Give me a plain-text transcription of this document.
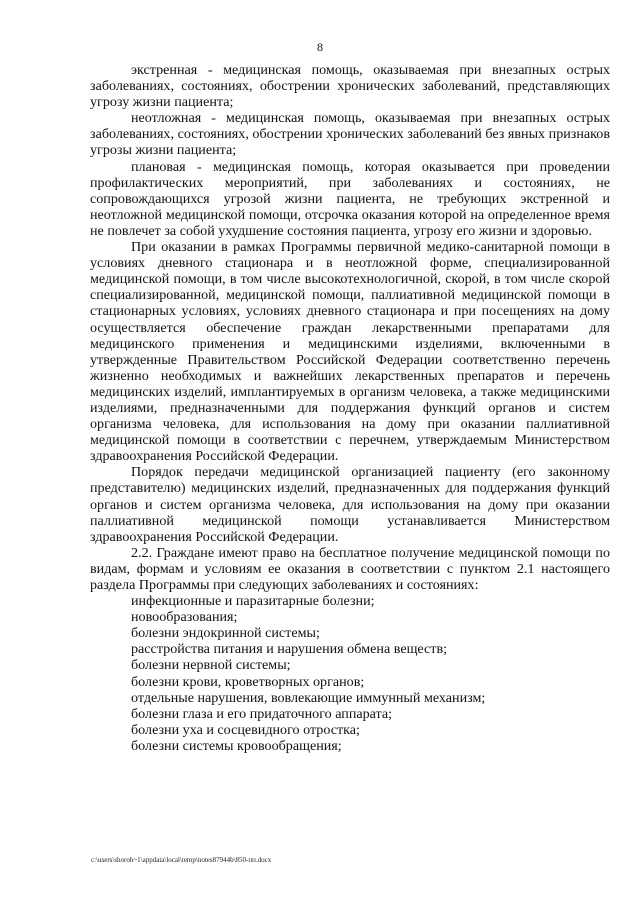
8

экстренная - медицинская помощь, оказываемая при внезапных острых заболеваниях, состояниях, обострении хронических заболеваний, представляющих угрозу жизни пациента;

неотложная - медицинская помощь, оказываемая при внезапных острых заболеваниях, состояниях, обострении хронических заболеваний без явных признаков угрозы жизни пациента;

плановая - медицинская помощь, которая оказывается при проведении профилактических мероприятий, при заболеваниях и состояниях, не сопровождающихся угрозой жизни пациента, не требующих экстренной и неотложной медицинской помощи, отсрочка оказания которой на определенное время не повлечет за собой ухудшение состояния пациента, угрозу его жизни и здоровью.

При оказании в рамках Программы первичной медико-санитарной помощи в условиях дневного стационара и в неотложной форме, специализированной медицинской помощи, в том числе высокотехнологичной, скорой, в том числе скорой специализированной, медицинской помощи, паллиативной медицинской помощи в стационарных условиях, условиях дневного стационара и при посещениях на дому осуществляется обеспечение граждан лекарственными препаратами для медицинского применения и медицинскими изделиями, включенными в утвержденные Правительством Российской Федерации соответственно перечень жизненно необходимых и важнейших лекарственных препаратов и перечень медицинских изделий, имплантируемых в организм человека, а также медицинскими изделиями, предназначенными для поддержания функций органов и систем организма человека, для использования на дому при оказании паллиативной медицинской помощи в соответствии с перечнем, утверждаемым Министерством здравоохранения Российской Федерации.

Порядок передачи медицинской организацией пациенту (его законному представителю) медицинских изделий, предназначенных для поддержания функций органов и систем организма человека, для использования на дому при оказании паллиативной медицинской помощи устанавливается Министерством здравоохранения Российской Федерации.

2.2. Граждане имеют право на бесплатное получение медицинской помощи по видам, формам и условиям ее оказания в соответствии с пунктом 2.1 настоящего раздела Программы при следующих заболеваниях и состояниях:

инфекционные и паразитарные болезни;

новообразования;

болезни эндокринной системы;

расстройства питания и нарушения обмена веществ;

болезни нервной системы;

болезни крови, кроветворных органов;

отдельные нарушения, вовлекающие иммунный механизм;

болезни глаза и его придаточного аппарата;

болезни уха и сосцевидного отростка;

болезни системы кровообращения;

c:\users\shoroh~1\appdata\local\temp\notes87944b\850-пп.docx
